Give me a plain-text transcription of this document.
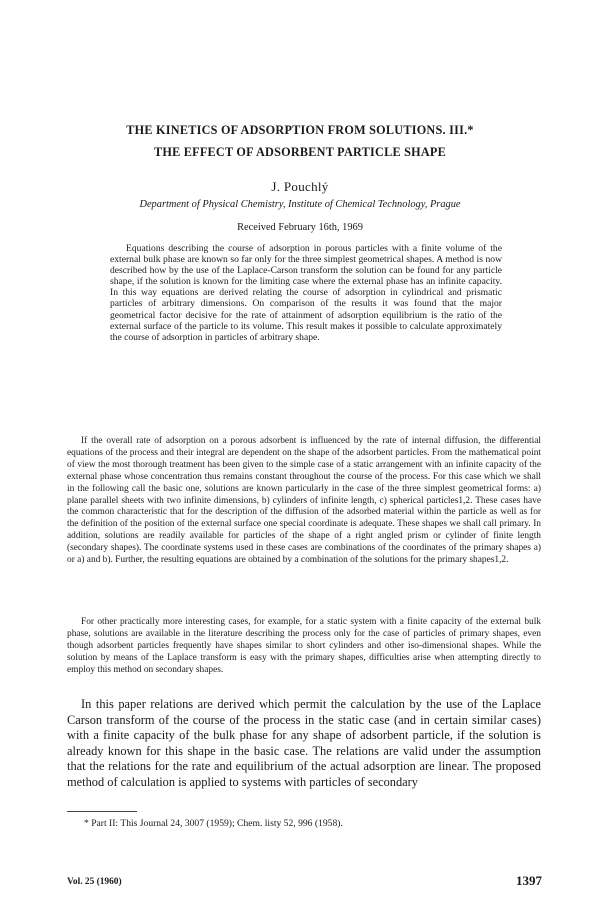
THE KINETICS OF ADSORPTION FROM SOLUTIONS. III.*
THE EFFECT OF ADSORBENT PARTICLE SHAPE
J. Pouchlý
Department of Physical Chemistry, Institute of Chemical Technology, Prague
Received February 16th, 1969

Equations describing the course of adsorption in porous particles with a finite volume of the external bulk phase are known so far only for the three simplest geometrical shapes. A method is now described how by the use of the Laplace-Carson transform the solution can be found for any particle shape, if the solution is known for the limiting case where the external phase has an infinite capacity. In this way equations are derived relating the course of adsorption in cylindrical and prismatic particles of arbitrary dimensions. On comparison of the results it was found that the major geometrical factor decisive for the rate of attainment of adsorption equilibrium is the ratio of the external surface of the particle to its volume. This result makes it possible to calculate approximately the course of adsorption in particles of arbitrary shape.

If the overall rate of adsorption on a porous adsorbent is influenced by the rate of internal diffusion, the differential equations of the process and their integral are dependent on the shape of the adsorbent particles. From the mathematical point of view the most thorough treatment has been given to the simple case of a static arrangement with an infinite capacity of the external phase whose concentration thus remains constant throughout the course of the process. For this case which we shall in the following call the basic one, solutions are known particularly in the case of the three simplest geometrical forms: a) plane parallel sheets with two infinite dimensions, b) cylinders of infinite length, c) spherical particles1,2. These cases have the common characteristic that for the description of the diffusion of the adsorbed material within the particle as well as for the definition of the position of the external surface one special coordinate is adequate. These shapes we shall call primary. In addition, solutions are readily available for particles of the shape of a right angled prism or cylinder of finite length (secondary shapes). The coordinate systems used in these cases are combinations of the coordinates of the primary shapes a) or a) and b). Further, the resulting equations are obtained by a combination of the solutions for the primary shapes1,2.

For other practically more interesting cases, for example, for a static system with a finite capacity of the external bulk phase, solutions are available in the literature describing the process only for the case of particles of primary shapes, even though adsorbent particles frequently have shapes similar to short cylinders and other iso-dimensional shapes. While the solution by means of the Laplace transform is easy with the primary shapes, difficulties arise when attempting directly to employ this method on secondary shapes.

In this paper relations are derived which permit the calculation by the use of the Laplace Carson transform of the course of the process in the static case (and in certain similar cases) with a finite capacity of the bulk phase for any shape of adsorbent particle, if the solution is already known for this shape in the basic case. The relations are valid under the assumption that the relations for the rate and equilibrium of the actual adsorption are linear. The proposed method of calculation is applied to systems with particles of secondary

* Part II: This Journal 24, 3007 (1959); Chem. listy 52, 996 (1958).

Vol. 25 (1960)	1397
